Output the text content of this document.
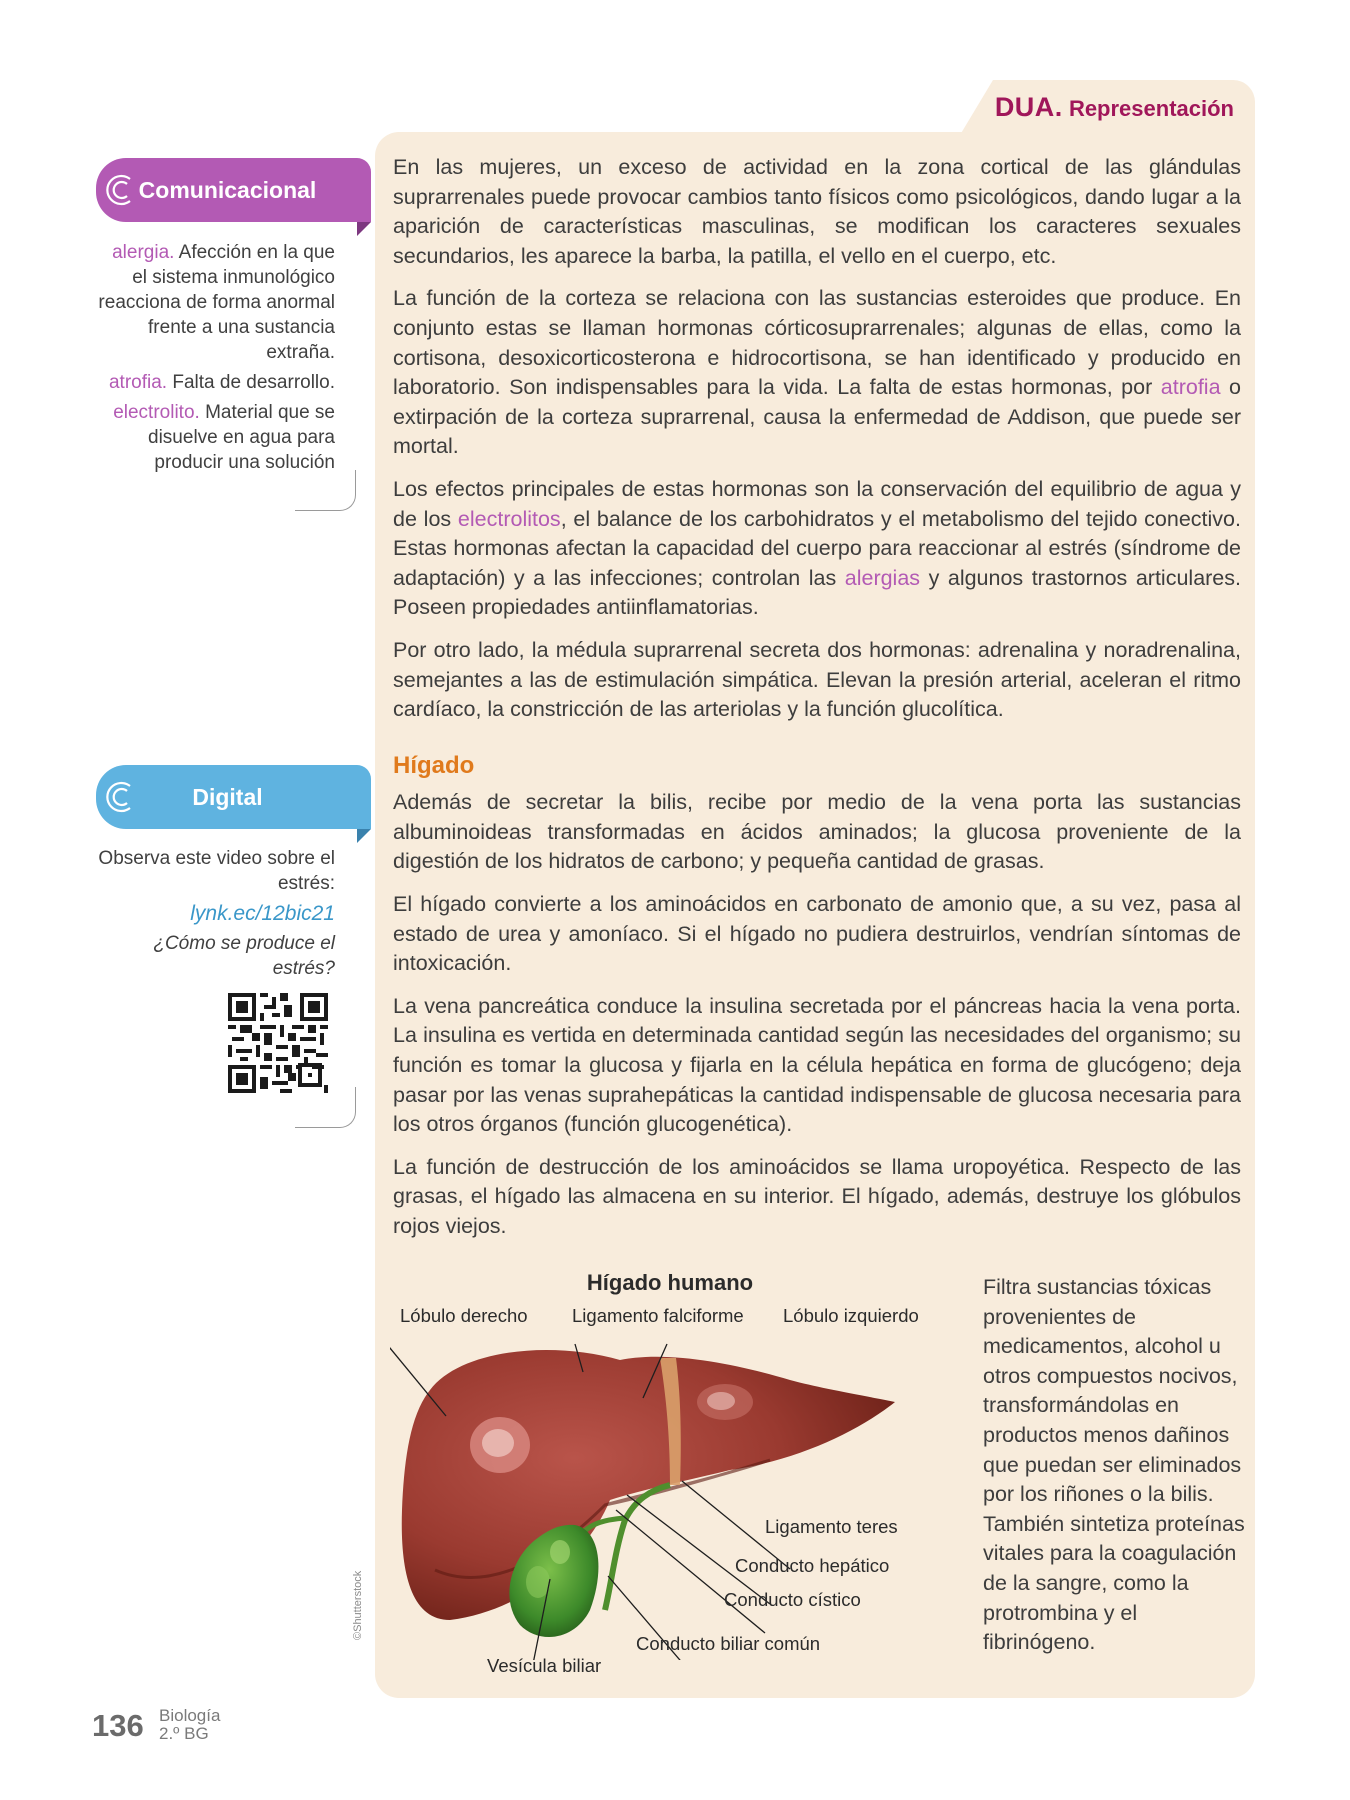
DUA. Representación
Comunicacional

alergia. Afección en la que el sistema inmunológico reacciona de forma anormal frente a una sustancia extraña.

atrofia. Falta de desarrollo.

electrolito. Material que se disuelve en agua para producir una solución

Digital

Observa este video sobre el estrés:

lynk.ec/12bic21

¿Cómo se produce el estrés?

En las mujeres, un exceso de actividad en la zona cortical de las glándulas suprarrenales puede provocar cambios tanto físicos como psicológicos, dando lugar a la aparición de características masculinas, se modifican los caracteres sexuales secundarios, les aparece la barba, la patilla, el vello en el cuerpo, etc.

La función de la corteza se relaciona con las sustancias esteroides que produce. En conjunto estas se llaman hormonas córticosuprarrenales; algunas de ellas, como la cortisona, desoxicorticosterona e hidrocortisona, se han identificado y producido en laboratorio. Son indispensables para la vida. La falta de estas hormonas, por atrofia o extirpación de la corteza suprarrenal, causa la enfermedad de Addison, que puede ser mortal.

Los efectos principales de estas hormonas son la conservación del equilibrio de agua y de los electrolitos, el balance de los carbohidratos y el metabolismo del tejido conectivo. Estas hormonas afectan la capacidad del cuerpo para reaccionar al estrés (síndrome de adaptación) y a las infecciones; controlan las alergias y algunos trastornos articulares. Poseen propiedades antiinflamatorias.

Por otro lado, la médula suprarrenal secreta dos hormonas: adrenalina y noradrenalina, semejantes a las de estimulación simpática. Elevan la presión arterial, aceleran el ritmo cardíaco, la constricción de las arteriolas y la función glucolítica.

Hígado

Además de secretar la bilis, recibe por medio de la vena porta las sustancias albuminoideas transformadas en ácidos aminados; la glucosa proveniente de la digestión de los hidratos de carbono; y pequeña cantidad de grasas.

El hígado convierte a los aminoácidos en carbonato de amonio que, a su vez, pasa al estado de urea y amoníaco. Si el hígado no pudiera destruirlos, vendrían síntomas de intoxicación.

La vena pancreática conduce la insulina secretada por el páncreas hacia la vena porta. La insulina es vertida en determinada cantidad según las necesidades del organismo; su función es tomar la glucosa y fijarla en la célula hepática en forma de glucógeno; deja pasar por las venas suprahepáticas la cantidad indispensable de glucosa necesaria para los otros órganos (función glucogenética).

La función de destrucción de los aminoácidos se llama uropoyética. Respecto de las grasas, el hígado las almacena en su interior. El hígado, además, destruye los glóbulos rojos viejos.

Hígado humano
Lóbulo derecho Ligamento falciforme Lóbulo izquierdo
Ligamento teres
Conducto hepático
Conducto cístico
Conducto biliar común
Vesícula biliar
©Shutterstock
Filtra sustancias tóxicas provenientes de medicamentos, alcohol u otros compuestos nocivos, transformándolas en productos menos dañinos que puedan ser eliminados por los riñones o la bilis. También sintetiza proteínas vitales para la coagulación de la sangre, como la protrombina y el fibrinógeno.
136 Biología
2.º BG
